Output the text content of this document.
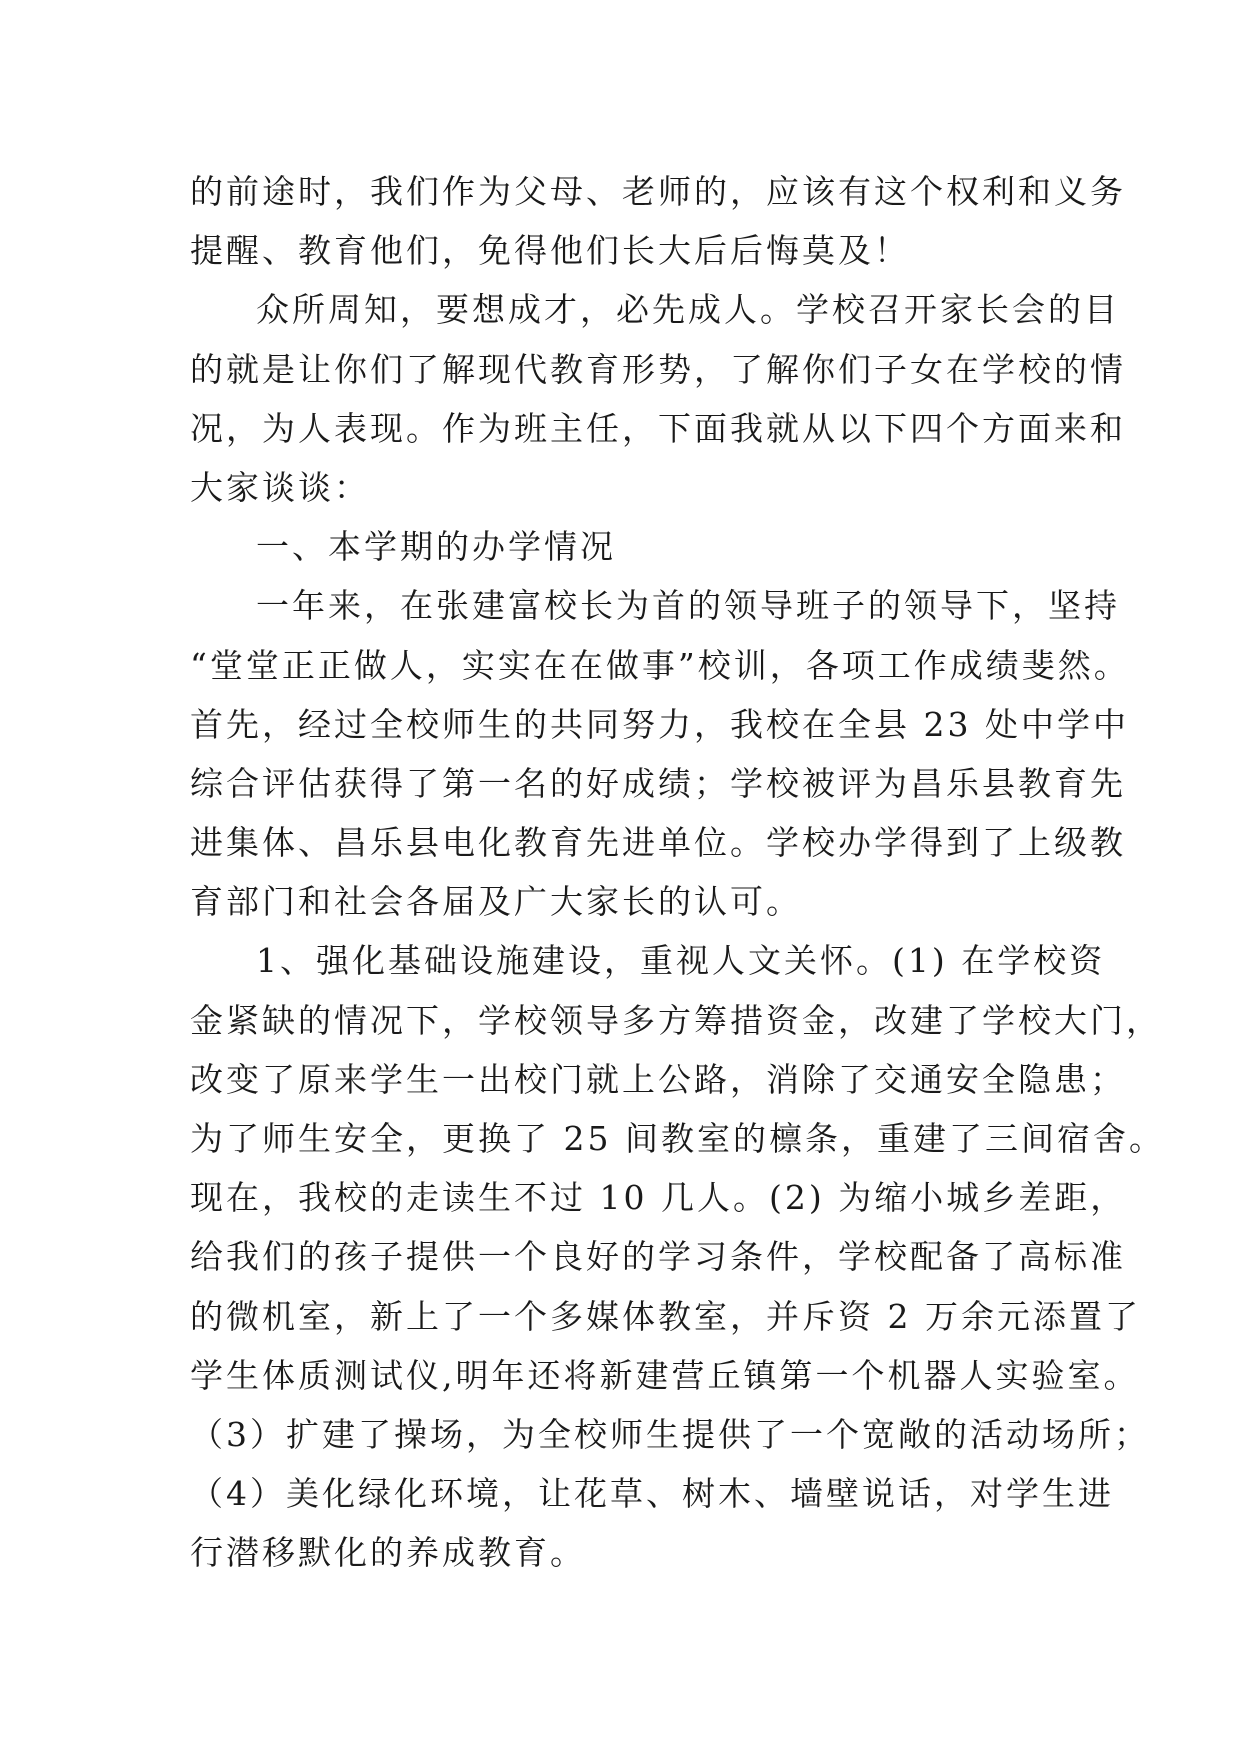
的前途时，我们作为父母、老师的，应该有这个权利和义务
提醒、教育他们，免得他们长大后后悔莫及！
众所周知，要想成才，必先成人。学校召开家长会的目
的就是让你们了解现代教育形势，了解你们子女在学校的情
况，为人表现。作为班主任，下面我就从以下四个方面来和
大家谈谈：
一、本学期的办学情况
一年来，在张建富校长为首的领导班子的领导下，坚持
“堂堂正正做人，实实在在做事”校训，各项工作成绩斐然。
首先，经过全校师生的共同努力，我校在全县 23 处中学中
综合评估获得了第一名的好成绩；学校被评为昌乐县教育先
进集体、昌乐县电化教育先进单位。学校办学得到了上级教
育部门和社会各届及广大家长的认可。
1、强化基础设施建设，重视人文关怀。(1) 在学校资
金紧缺的情况下，学校领导多方筹措资金，改建了学校大门，
改变了原来学生一出校门就上公路，消除了交通安全隐患；
为了师生安全，更换了 25 间教室的檩条，重建了三间宿舍。
现在，我校的走读生不过 10 几人。(2) 为缩小城乡差距，
给我们的孩子提供一个良好的学习条件，学校配备了高标准
的微机室，新上了一个多媒体教室，并斥资 2 万余元添置了
学生体质测试仪,明年还将新建营丘镇第一个机器人实验室。
（3）扩建了操场，为全校师生提供了一个宽敞的活动场所；
（4）美化绿化环境，让花草、树木、墙壁说话，对学生进
行潜移默化的养成教育。
